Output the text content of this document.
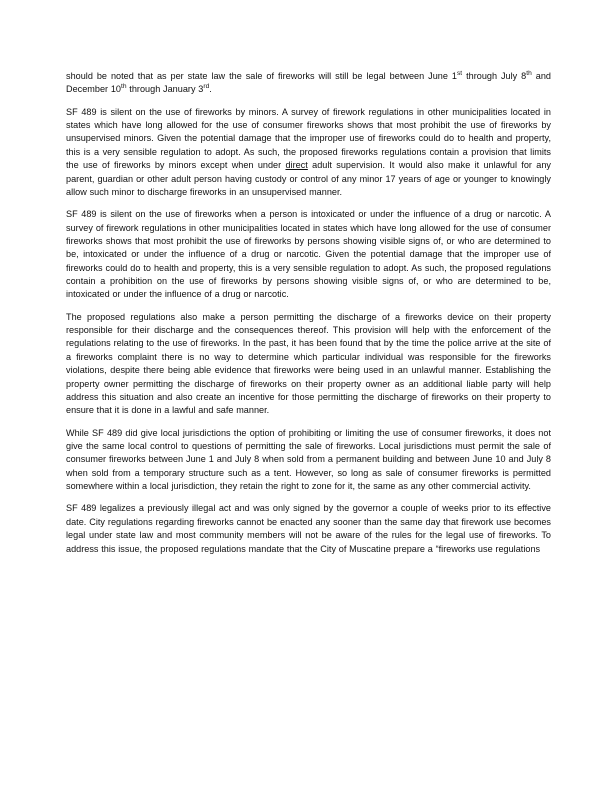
should be noted that as per state law the sale of fireworks will still be legal between June 1st through July 8th and December 10th through January 3rd.

SF 489 is silent on the use of fireworks by minors. A survey of firework regulations in other municipalities located in states which have long allowed for the use of consumer fireworks shows that most prohibit the use of fireworks by unsupervised minors. Given the potential damage that the improper use of fireworks could do to health and property, this is a very sensible regulation to adopt. As such, the proposed fireworks regulations contain a provision that limits the use of fireworks by minors except when under direct adult supervision. It would also make it unlawful for any parent, guardian or other adult person having custody or control of any minor 17 years of age or younger to knowingly allow such minor to discharge fireworks in an unsupervised manner.

SF 489 is silent on the use of fireworks when a person is intoxicated or under the influence of a drug or narcotic. A survey of firework regulations in other municipalities located in states which have long allowed for the use of consumer fireworks shows that most prohibit the use of fireworks by persons showing visible signs of, or who are determined to be, intoxicated or under the influence of a drug or narcotic. Given the potential damage that the improper use of fireworks could do to health and property, this is a very sensible regulation to adopt. As such, the proposed regulations contain a prohibition on the use of fireworks by persons showing visible signs of, or who are determined to be, intoxicated or under the influence of a drug or narcotic.

The proposed regulations also make a person permitting the discharge of a fireworks device on their property responsible for their discharge and the consequences thereof. This provision will help with the enforcement of the regulations relating to the use of fireworks. In the past, it has been found that by the time the police arrive at the site of a fireworks complaint there is no way to determine which particular individual was responsible for the fireworks violations, despite there being able evidence that fireworks were being used in an unlawful manner. Establishing the property owner permitting the discharge of fireworks on their property owner as an additional liable party will help address this situation and also create an incentive for those permitting the discharge of fireworks on their property to ensure that it is done in a lawful and safe manner.

While SF 489 did give local jurisdictions the option of prohibiting or limiting the use of consumer fireworks, it does not give the same local control to questions of permitting the sale of fireworks. Local jurisdictions must permit the sale of consumer fireworks between June 1 and July 8 when sold from a permanent building and between June 10 and July 8 when sold from a temporary structure such as a tent. However, so long as sale of consumer fireworks is permitted somewhere within a local jurisdiction, they retain the right to zone for it, the same as any other commercial activity.

SF 489 legalizes a previously illegal act and was only signed by the governor a couple of weeks prior to its effective date. City regulations regarding fireworks cannot be enacted any sooner than the same day that firework use becomes legal under state law and most community members will not be aware of the rules for the legal use of fireworks. To address this issue, the proposed regulations mandate that the City of Muscatine prepare a “fireworks use regulations
